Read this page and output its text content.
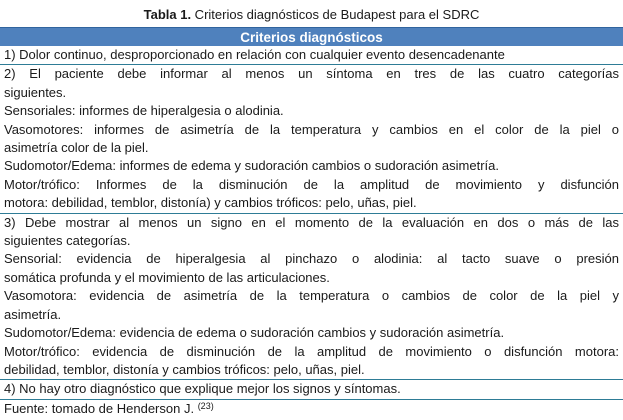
Tabla 1. Criterios diagnósticos de Budapest para el SDRC
Criterios diagnósticos
1) Dolor continuo, desproporcionado en relación con cualquier evento desencadenante
2) El paciente debe informar al menos un síntoma en tres de las cuatro categorías
siguientes.
Sensoriales: informes de hiperalgesia o alodinia.
Vasomotores: informes de asimetría de la temperatura y cambios en el color de la piel o
asimetría color de la piel.
Sudomotor/Edema: informes de edema y sudoración cambios o sudoración asimetría.
Motor/trófico: Informes de la disminución de la amplitud de movimiento y disfunción
motora: debilidad, temblor, distonía) y cambios tróficos: pelo, uñas, piel.
3) Debe mostrar al menos un signo en el momento de la evaluación en dos o más de las
siguientes categorías.
Sensorial: evidencia de hiperalgesia al pinchazo o alodinia: al tacto suave o presión
somática profunda y el movimiento de las articulaciones.
Vasomotora: evidencia de asimetría de la temperatura o cambios de color de la piel y
asimetría.
Sudomotor/Edema: evidencia de edema o sudoración cambios y sudoración asimetría.
Motor/trófico: evidencia de disminución de la amplitud de movimiento o disfunción motora:
debilidad, temblor, distonía y cambios tróficos: pelo, uñas, piel.
4) No hay otro diagnóstico que explique mejor los signos y síntomas.
Fuente: tomado de Henderson J. $^{(23)}$
